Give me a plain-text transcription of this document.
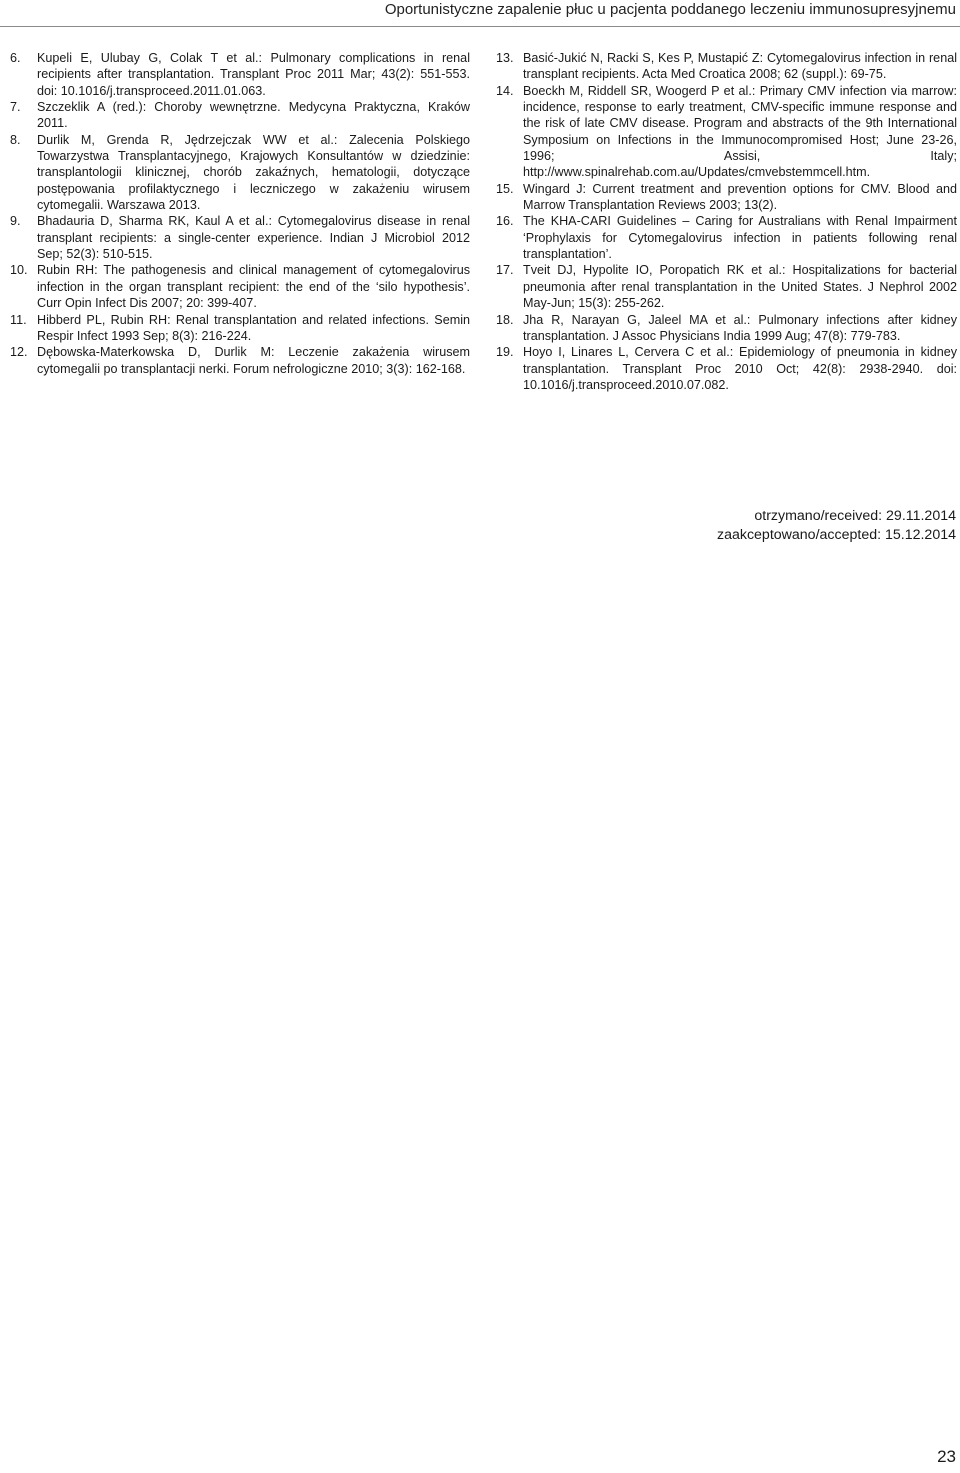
Oportunistyczne zapalenie płuc u pacjenta poddanego leczeniu immunosupresyjnemu
6. Kupeli E, Ulubay G, Colak T et al.: Pulmonary complications in renal recipients after transplantation. Transplant Proc 2011 Mar; 43(2): 551-553. doi: 10.1016/j.transproceed.2011.01.063.
7. Szczeklik A (red.): Choroby wewnętrzne. Medycyna Praktyczna, Kraków 2011.
8. Durlik M, Grenda R, Jędrzejczak WW et al.: Zalecenia Polskiego Towarzystwa Transplantacyjnego, Krajowych Konsultantów w dziedzinie: transplantologii klinicznej, chorób zakaźnych, hematologii, dotyczące postępowania profilaktycznego i leczniczego w zakażeniu wirusem cytomegalii. Warszawa 2013.
9. Bhadauria D, Sharma RK, Kaul A et al.: Cytomegalovirus disease in renal transplant recipients: a single-center experience. Indian J Microbiol 2012 Sep; 52(3): 510-515.
10. Rubin RH: The pathogenesis and clinical management of cytomegalovirus infection in the organ transplant recipient: the end of the ‘silo hypothesis’. Curr Opin Infect Dis 2007; 20: 399-407.
11. Hibberd PL, Rubin RH: Renal transplantation and related infections. Semin Respir Infect 1993 Sep; 8(3): 216-224.
12. Dębowska-Materkowska D, Durlik M: Leczenie zakażenia wirusem cytomegalii po transplantacji nerki. Forum nefrologiczne 2010; 3(3): 162-168.
13. Basić-Jukić N, Racki S, Kes P, Mustapić Z: Cytomegalovirus infection in renal transplant recipients. Acta Med Croatica 2008; 62 (suppl.): 69-75.
14. Boeckh M, Riddell SR, Woogerd P et al.: Primary CMV infection via marrow: incidence, response to early treatment, CMV-specific immune response and the risk of late CMV disease. Program and abstracts of the 9th International Symposium on Infections in the Immunocompromised Host; June 23-26, 1996; Assisi, Italy; http://www.spinalrehab.com.au/Updates/cmvebstemmcell.htm.
15. Wingard J: Current treatment and prevention options for CMV. Blood and Marrow Transplantation Reviews 2003; 13(2).
16. The KHA-CARI Guidelines – Caring for Australians with Renal Impairment ‘Prophylaxis for Cytomegalovirus infection in patients following renal transplantation’.
17. Tveit DJ, Hypolite IO, Poropatich RK et al.: Hospitalizations for bacterial pneumonia after renal transplantation in the United States. J Nephrol 2002 May-Jun; 15(3): 255-262.
18. Jha R, Narayan G, Jaleel MA et al.: Pulmonary infections after kidney transplantation. J Assoc Physicians India 1999 Aug; 47(8): 779-783.
19. Hoyo I, Linares L, Cervera C et al.: Epidemiology of pneumonia in kidney transplantation. Transplant Proc 2010 Oct; 42(8): 2938-2940. doi: 10.1016/j.transproceed.2010.07.082.
otrzymano/received: 29.11.2014
zaakceptowano/accepted: 15.12.2014
23
